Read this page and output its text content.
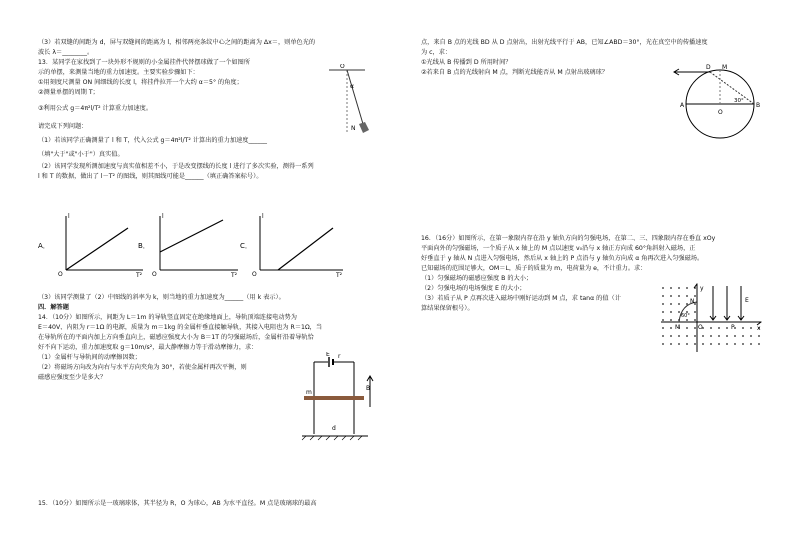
（3）若双缝的间距为 d，屏与双缝间的距离为 l，相邻两亮条纹中心之间的距离为 Δx＝，则单色光的

波长 λ＝________。

13．某同学在家找到了一块外形不规则的小金属挂件代替摆球做了一个如图所

示的单摆，来测量当地的重力加速度。主要实验步骤如下：

①用刻度尺测量 ON 间细线的长度 l，将挂件拉开一个大约 α＝5° 的角度；

②测量单摆的周期 T；

③利用公式 g＝4π²l/T² 计算重力加速度。

请完成下列问题：

（1）若该同学正确测量了 l 和 T，代入公式 g＝4π²l/T² 计算出的重力加速度______

（填"大于"或"小于"）真实值。

（2）该同学发现所测加速度与真实值相差不小，于是改变摆线的长度 l 进行了多次实验，测得一系列

l 和 T 的数据，做出了 l－T² 的图线，则其图线可能是______（填正确答案标号）。

O
α
N
A．
l
T²
O
B．
l
T²
O
C．
l
T²
O

（3）该同学测量了（2）中图线的斜率为 k，则当地的重力加速度为______（用 k 表示）。

四．解答题

14．（10分）如图所示，间距为 L＝1m 的导轨竖直固定在绝缘地面上，导轨顶端连接电动势为

E＝40V、内阻为 r＝1Ω 的电源，质量为 m＝1kg 的金属杆垂直接触导轨，其接入电阻也为 R＝1Ω，当

在导轨所在的平面内加上方向垂直向上，磁感应强度大小为 B＝1T 的匀强磁场后，金属杆沿着导轨恰

好不向下运动，重力加速度取 g＝10m/s²，最大静摩擦力等于滑动摩擦力，求：

（1）金属杆与导轨间的动摩擦因数；

（2）将磁场方向改为向右与水平方向夹角为 30°，若使金属杆再次平衡，则

磁感应强度至少是多大？

E r
m
B
d

15．（10分）如图所示是一玻璃球体，其半径为 R，O 为球心，AB 为水平直径。M 点是玻璃球的最高

点，来自 B 点的光线 BD 从 D 点射出，出射光线平行于 AB，已知∠ABD＝30°，光在真空中的传播速度

为 c，求：

①光线从 B 传播到 D 所用时间？

②若来自 B 点的光线射向 M 点，判断光线能否从 M 点射出玻璃球？

D M
A	B
O
30°

16．（16分）如图所示，在第一象限内存在沿 y 轴负方向的匀强电场，在第二、三、四象限内存在垂直 xOy

平面向外的匀强磁场，一个质子从 x 轴上的 M 点以速度 v₀沿与 x 轴正方向成 60°角斜射入磁场，正

好垂直于 y 轴从 N 点进入匀强电场，然后从 x 轴上的 P 点沿与 y 轴负方向成 α 角再次进入匀强磁场。

已知磁场的范围足够大，OM＝L，质子的质量为 m，电荷量为 e，不计重力。求：

（1）匀强磁场的磁感应强度 B 的大小；

（2）匀强电场的电场强度 E 的大小；

（3）若质子从 P 点再次进入磁场中刚好运动到 M 点，求 tanα 的值（计

算结果保留根号）。

y
N
M	O	P	x
E
60°
